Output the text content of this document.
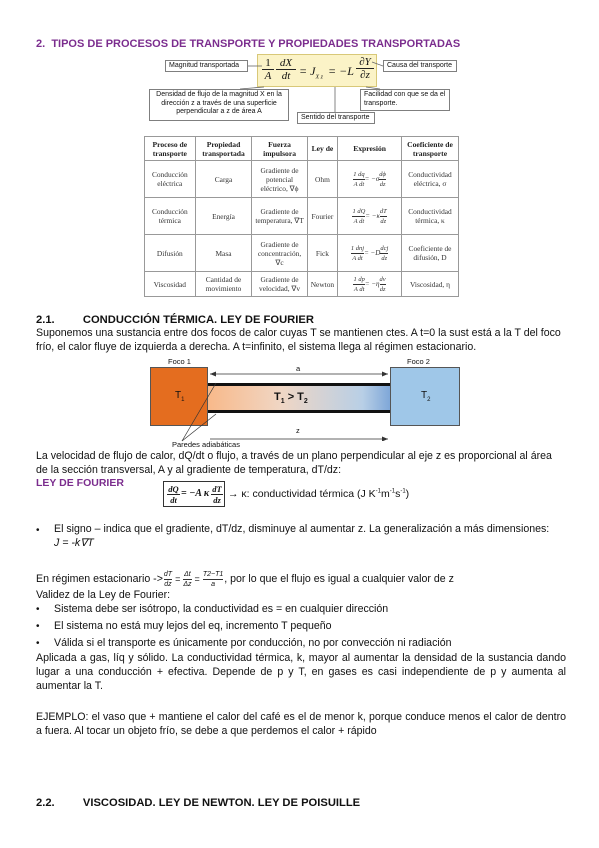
2. TIPOS DE PROCESOS DE TRANSPORTE Y PROPIEDADES TRANSPORTADAS
Magnitud transportada	Causa del transporte
Densidad de flujo de la magnitud X en la dirección z a través de una superficie perpendicular a z de área A
Facilidad con que se da el transporte.
Sentido del transporte
1
A
dX
dt = $J_{X z} = -L$
∂Y
∂z
Proceso de transporte	Propiedad transportada	Fuerza impulsora	Ley de	Expresión	Coeficiente de transporte
Conducción eléctrica	Carga	Gradiente de potencial eléctrico, ∇ϕ	Ohm	$\frac{1 dq}{\text{A dt}} = -\sigma \frac{d\phi}{dz}$	Conductividad eléctrica, σ
Conducción térmica	Energía	Gradiente de temperatura, ∇T	Fourier	$\frac{1 dQ}{\text{A dt}} = -\kappa \frac{dT}{dz}$	Conductividad térmica, κ
Difusión	Masa	Gradiente de concentración, ∇c	Fick	$\frac{\text{1 dnj}}{\text{A dt}} = -D \frac{\text{dcj}}{dz}$	Coeficiente de difusión, D
Viscosidad	Cantidad de movimiento	Gradiente de velocidad, ∇v	Newton	$\frac{1 dp}{\text{A dt}} = -\eta \frac{dv}{dz}$	Viscosidad, η
2.1.	CONDUCCIÓN TÉRMICA. LEY DE FOURIER
Suponemos una sustancia entre dos focos de calor cuyas T se mantienen ctes. A t=0 la sust está a la T del foco frío, el calor fluye de izquierda a derecha. A t=infinito, el sistema llega al régimen estacionario.
Foco 1	Foco 2
$T_1$	$T_2$
a
$T_1 > T_2$
Paredes adiabáticas
z
La velocidad de flujo de calor, dQ/dt o flujo, a través de un plano perpendicular al eje z es proporcional al área de la sección transversal, A y al gradiente de temperatura, dT/dz:
LEY DE FOURIER	dQ
dt
= −A κ dT
dz → κ: conductividad térmica (J $K^{-1}m^{-1}s^{-1}$)
• El signo – indica que el gradiente, dT/dz, disminuye al aumentar z. La generalización a más dimensiones:
J = -k∇T
En régimen estacionario -> $\frac{dT}{dz} = \frac{\Delta t}{\Delta z} = \frac{T2-T1}{a}$ , por lo que el flujo es igual a cualquier valor de z
Validez de la Ley de Fourier:
• Sistema debe ser isótropo, la conductividad es = en cualquier dirección
• El sistema no está muy lejos del eq, incremento T pequeño
• Válida si el transporte es únicamente por conducción, no por convección ni radiación
Aplicada a gas, líq y sólido. La conductividad térmica, k, mayor al aumentar la densidad de la sustancia dando lugar a una conducción + efectiva. Depende de p y T, en gases es casi independiente de p y aumenta al aumentar la T.
EJEMPLO: el vaso que + mantiene el calor del café es el de menor k, porque conduce menos el calor de dentro a fuera. Al tocar un objeto frío, se debe a que perdemos el calor + rápido
2.2.	VISCOSIDAD. LEY DE NEWTON. LEY DE POISUILLE
